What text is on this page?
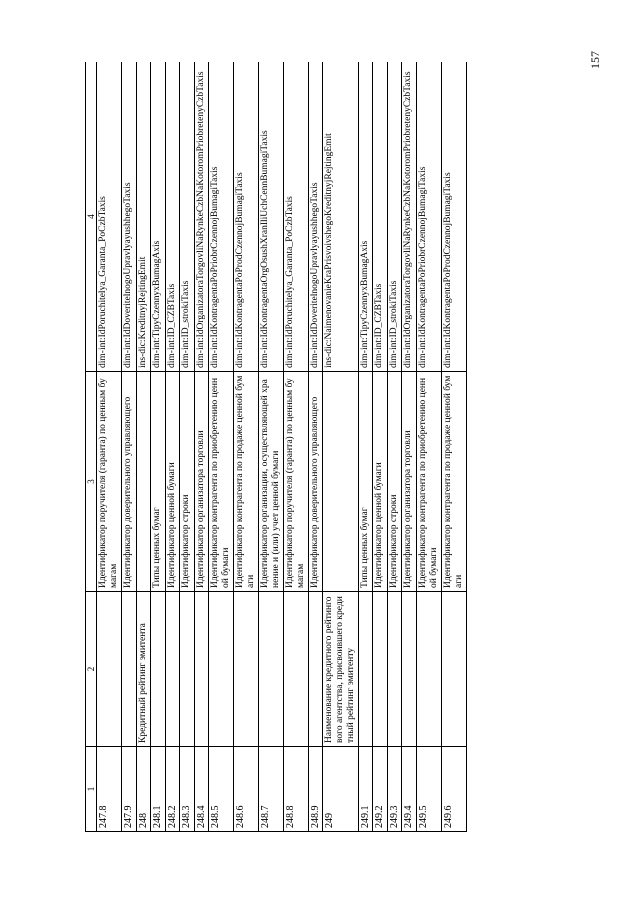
157
1	2	3	4
247.8		Идентификатор поручителя (гаранта) по ценным бумагам	dim-int:IdPoruchitelya_Garanta_PoCzbTaxis
247.9		Идентификатор доверительного управляющего	dim-int:IdDoveritelnogoUpravlyayushhegoTaxis
248	Кредитный рейтинг эмитента		ins-dic:KreditnyjRejtingEmit
248.1		Типы ценных бумаг	dim-int:TipyCzennyxBumagAxis
248.2		Идентификатор ценной бумаги	dim-int:ID_CZBTaxis
248.3		Идентификатор строки	dim-int:ID_strokiTaxis
248.4		Идентификатор организатора торговли	dim-int:IdOrganizatoraTorgovliNaRynkeCzbNaKotoromPriobretenyCzbTaxis
248.5		Идентификатор контрагента по приобретению ценной бумаги	dim-int:IdKontragentaPoPriobrCzennojBumagiTaxis
248.6		Идентификатор контрагента по продаже ценной бумаги	dim-int:IdKontragentaPoProdCzennojBumagiTaxis
248.7		Идентификатор организации, осуществляющей хранение и (или) учет ценной бумаги	dim-int:IdKontragentaOrgOsushXranIliUchCennBumagiTaxis
248.8		Идентификатор поручителя (гаранта) по ценным бумагам	dim-int:IdPoruchitelya_Garanta_PoCzbTaxis
248.9		Идентификатор доверительного управляющего	dim-int:IdDoveritelnogoUpravlyayushhegoTaxis
249	Наименование кредитного рейтингового агентства, присвоившего кредитный рейтинг эмитенту		ins-dic:NaimenovanieKraPrisvoivshegoKreditnyjRejtingEmit
249.1		Типы ценных бумаг	dim-int:TipyCzennyxBumagAxis
249.2		Идентификатор ценной бумаги	dim-int:ID_CZBTaxis
249.3		Идентификатор строки	dim-int:ID_strokiTaxis
249.4		Идентификатор организатора торговли	dim-int:IdOrganizatoraTorgovliNaRynkeCzbNaKotoromPriobretenyCzbTaxis
249.5		Идентификатор контрагента по приобретению ценной бумаги	dim-int:IdKontragentaPoPriobrCzennojBumagiTaxis
249.6		Идентификатор контрагента по продаже ценной бумаги	dim-int:IdKontragentaPoProdCzennojBumagiTaxis
